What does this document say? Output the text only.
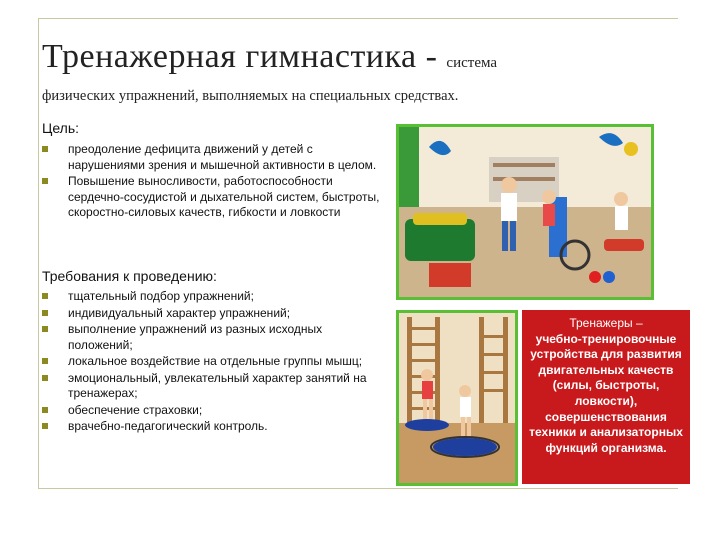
Тренажерная гимнастика - система
физических упражнений, выполняемых на специальных средствах.
Цель:
преодоление дефицита движений у детей с нарушениями зрения и мышечной активности в целом.
Повышение выносливости, работоспособности сердечно-сосудистой и дыхательной систем, быстроты, скоростно-силовых качеств, гибкости и ловкости
Требования к проведению:
тщательный подбор упражнений;
индивидуальный характер упражнений;
выполнение упражнений из разных исходных положений;
локальное воздействие на отдельные группы мышц;
эмоциональный, увлекательный характер занятий на тренажерах;
обеспечение страховки;
врачебно-педагогический контроль.
Тренажеры –
учебно-тренировочные устройства для развития двигательных качеств (силы, быстроты, ловкости), совершенствования техники и анализаторных функций организма.
